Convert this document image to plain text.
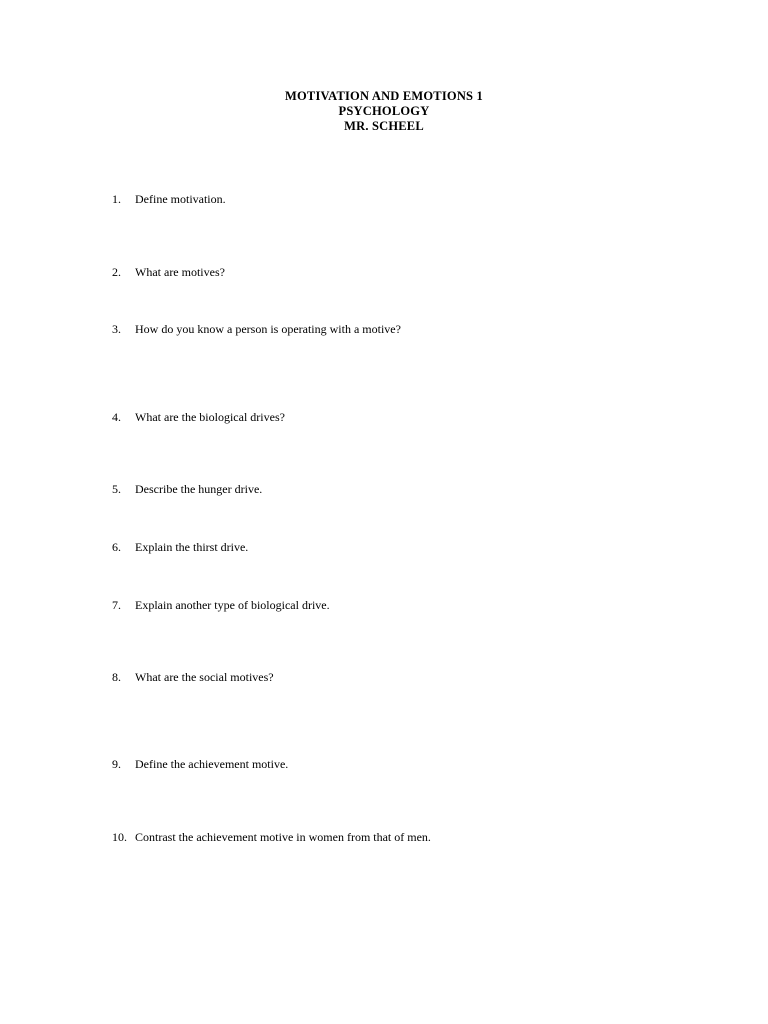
MOTIVATION AND EMOTIONS 1
PSYCHOLOGY
MR. SCHEEL
1. Define motivation.
2. What are motives?
3. How do you know a person is operating with a motive?
4. What are the biological drives?
5. Describe the hunger drive.
6. Explain the thirst drive.
7. Explain another type of biological drive.
8. What are the social motives?
9. Define the achievement motive.
10. Contrast the achievement motive in women from that of men.
